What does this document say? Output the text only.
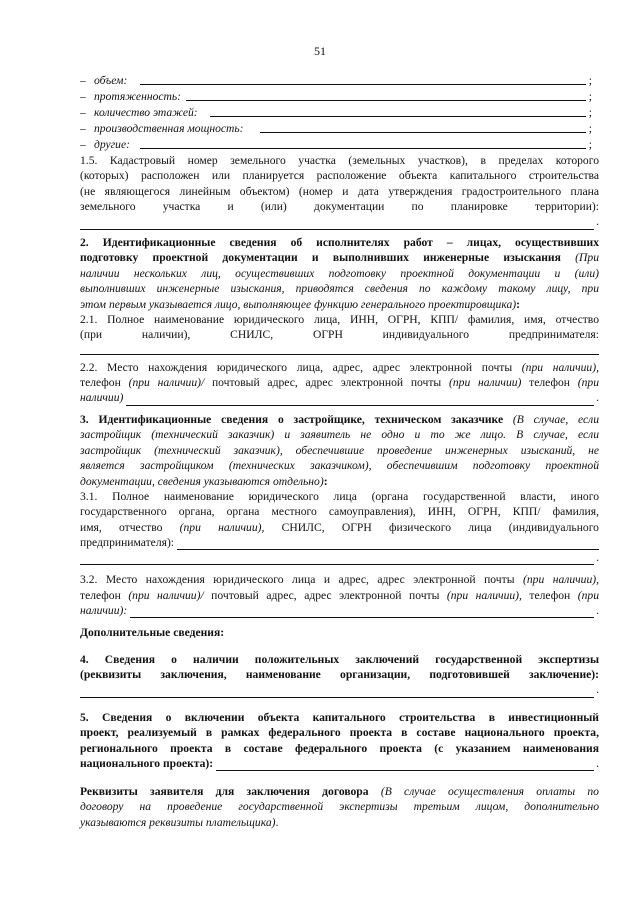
51
– объем:	;
– протяженность:	;
– количество этажей:	;
– производственная мощность:	;
– другие:	;
1.5. Кадастровый номер земельного участка (земельных участков), в пределах которого
(которых) расположен или планируется расположение объекта капитального строительства
(не являющегося линейным объектом) (номер и дата утверждения градостроительного плана
земельного участка и (или) документации по планировке территории):
.
2. Идентификационные сведения об исполнителях работ – лицах, осуществивших
подготовку проектной документации и выполнивших инженерные изыскания (При
наличии нескольких лиц, осуществивших подготовку проектной документации и (или)
выполнивших инженерные изыскания, приводятся сведения по каждому такому лицу, при
этом первым указывается лицо, выполняющее функцию генерального проектировщика):
2.1. Полное наименование юридического лица, ИНН, ОГРН, КПП/ фамилия, имя, отчество
(при наличии), СНИЛС, ОГРН индивидуального предпринимателя:
2.2. Место нахождения юридического лица, адрес, адрес электронной почты (при наличии),
телефон (при наличии)/ почтовый адрес, адрес электронной почты (при наличии) телефон (при
наличии)	.
3. Идентификационные сведения о застройщике, техническом заказчике (В случае, если
застройщик (технический заказчик) и заявитель не одно и то же лицо. В случае, если
застройщик (технический заказчик), обеспечившие проведение инженерных изысканий, не
является застройщиком (технических заказчиком), обеспечившим подготовку проектной
документации, сведения указываются отдельно):
3.1. Полное наименование юридического лица (органа государственной власти, иного
государственного органа, органа местного самоуправления), ИНН, ОГРН, КПП/ фамилия,
имя, отчество (при наличии), СНИЛС, ОГРН физического лица (индивидуального
предпринимателя):
.
3.2. Место нахождения юридического лица и адрес, адрес электронной почты (при наличии),
телефон (при наличии)/ почтовый адрес, адрес электронной почты (при наличии), телефон (при
наличии):	.
Дополнительные сведения:
4. Сведения о наличии положительных заключений государственной экспертизы
(реквизиты заключения, наименование организации, подготовившей заключение):
.
5. Сведения о включении объекта капитального строительства в инвестиционный
проект, реализуемый в рамках федерального проекта в составе национального проекта,
регионального проекта в составе федерального проекта (с указанием наименования
национального проекта):	.
Реквизиты заявителя для заключения договора (В случае осуществления оплаты по
договору на проведение государственной экспертизы третьим лицом, дополнительно
указываются реквизиты плательщика).
